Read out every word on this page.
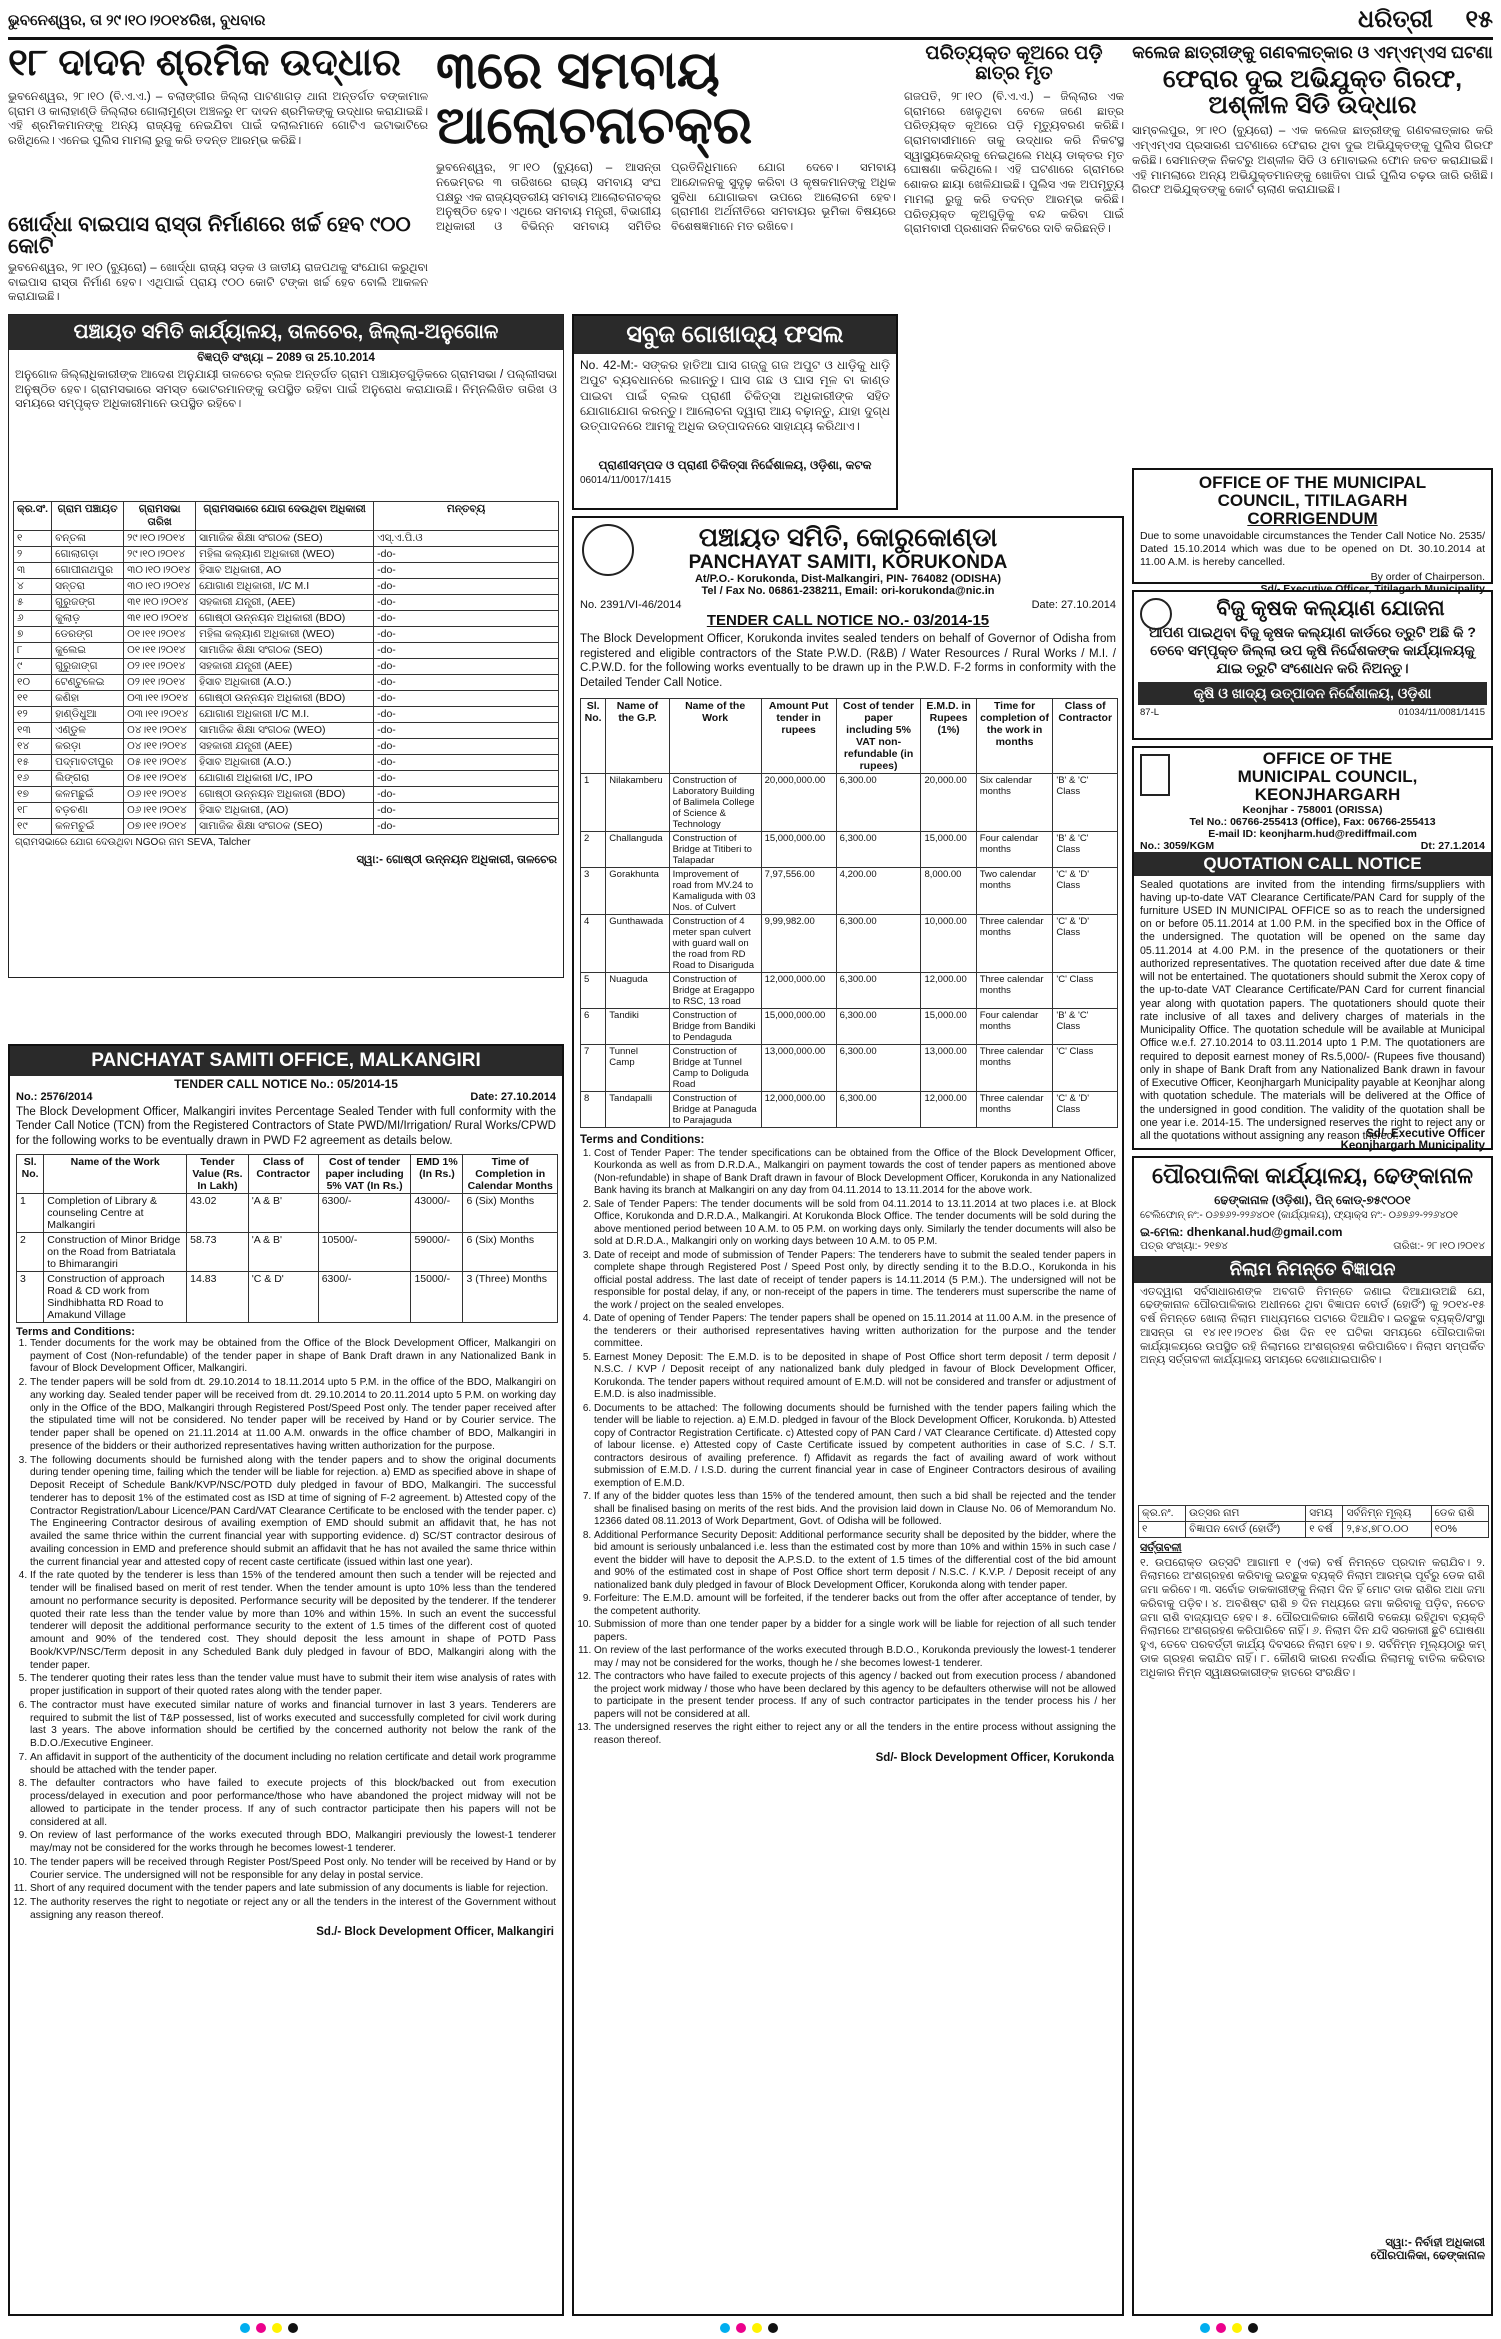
ଭୁବନେଶ୍ୱର, ତା ୨୯।୧୦।୨୦୧୪ରିଖ, ବୁଧବାର	ଧରିତ୍ରୀ ୧୫
୧୮ ଦାଦନ ଶ୍ରମିକ ଉଦ୍ଧାର
ଭୁବନେଶ୍ୱର, ୨୮।୧୦ (ବି.ଏ.ଏ.) – ବଲାଙ୍ଗୀର ଜିଲ୍ଲା ପାଟଣାଗଡ଼ ଥାନା ଅନ୍ତର୍ଗତ ବଙ୍କାମାଳ ଗ୍ରାମ ଓ କାଲାହାଣ୍ଡି ଜିଲ୍ଲାର ଗୋଲାମୁଣ୍ଡା ଅଞ୍ଚଳରୁ ୧୮ ଦାଦନ ଶ୍ରମିକଙ୍କୁ ଉଦ୍ଧାର କରାଯାଇଛି। ଏହି ଶ୍ରମିକମାନଙ୍କୁ ଅନ୍ୟ ରାଜ୍ୟକୁ ନେଇଯିବା ପାଇଁ ଦଲାଲମାନେ ଗୋଟିଏ ଇଟାଭାଟିରେ ରଖିଥିଲେ। ଏନେଇ ପୁଲିସ ମାମଲା ରୁଜୁ କରି ତଦନ୍ତ ଆରମ୍ଭ କରିଛି।
ଖୋର୍ଦ୍ଧା ବାଇପାସ ରାସ୍ତା ନିର୍ମାଣରେ ଖର୍ଚ୍ଚ ହେବ ୯୦୦ କୋଟି
ଭୁବନେଶ୍ୱର, ୨୮।୧୦ (ବ୍ୟୁରୋ) – ଖୋର୍ଦ୍ଧା ରାଜ୍ୟ ସଡ଼କ ଓ ଜାତୀୟ ରାଜପଥକୁ ସଂଯୋଗ କରୁଥିବା ବାଇପାସ ରାସ୍ତା ନିର୍ମାଣ ହେବ। ଏଥିପାଇଁ ପ୍ରାୟ ୯୦୦ କୋଟି ଟଙ୍କା ଖର୍ଚ୍ଚ ହେବ ବୋଲି ଆକଳନ କରାଯାଇଛି।
୩ରେ ସମବାୟ ଆଲୋଚନାଚକ୍ର
ଭୁବନେଶ୍ୱର, ୨୮।୧୦ (ବ୍ୟୁରୋ) – ଆସନ୍ତା ନଭେମ୍ବର ୩ ତାରିଖରେ ରାଜ୍ୟ ସମବାୟ ସଂଘ ପକ୍ଷରୁ ଏକ ରାଜ୍ୟସ୍ତରୀୟ ସମବାୟ ଆଲୋଚନାଚକ୍ର ଅନୁଷ୍ଠିତ ହେବ। ଏଥିରେ ସମବାୟ ମନ୍ତ୍ରୀ, ବିଭାଗୀୟ ଅଧିକାରୀ ଓ ବିଭିନ୍ନ ସମବାୟ ସମିତିର ପ୍ରତିନିଧିମାନେ ଯୋଗ ଦେବେ। ସମବାୟ ଆନ୍ଦୋଳନକୁ ସୁଦୃଢ଼ କରିବା ଓ କୃଷକମାନଙ୍କୁ ଅଧିକ ସୁବିଧା ଯୋଗାଇବା ଉପରେ ଆଲୋଚନା ହେବ। ଗ୍ରାମୀଣ ଅର୍ଥନୀତିରେ ସମବାୟର ଭୂମିକା ବିଷୟରେ ବିଶେଷଜ୍ଞମାନେ ମତ ରଖିବେ।
ପରିତ୍ୟକ୍ତ କୂଅରେ ପଡ଼ି ଛାତ୍ର ମୃତ
ଗଜପତି, ୨୮।୧୦ (ବି.ଏ.ଏ.) – ଜିଲ୍ଲାର ଏକ ଗ୍ରାମରେ ଖେଳୁଥିବା ବେଳେ ଜଣେ ଛାତ୍ର ପରିତ୍ୟକ୍ତ କୂଅରେ ପଡ଼ି ମୃତ୍ୟୁବରଣ କରିଛି। ଗ୍ରାମବାସୀମାନେ ତାକୁ ଉଦ୍ଧାର କରି ନିକଟସ୍ଥ ସ୍ୱାସ୍ଥ୍ୟକେନ୍ଦ୍ରକୁ ନେଇଥିଲେ ମଧ୍ୟ ଡାକ୍ତର ମୃତ ଘୋଷଣା କରିଥିଲେ। ଏହି ଘଟଣାରେ ଗ୍ରାମରେ ଶୋକର ଛାୟା ଖେଳିଯାଇଛି। ପୁଲିସ ଏକ ଅପମୃତ୍ୟୁ ମାମଲା ରୁଜୁ କରି ତଦନ୍ତ ଆରମ୍ଭ କରିଛି। ପରିତ୍ୟକ୍ତ କୂଅଗୁଡ଼ିକୁ ବନ୍ଦ କରିବା ପାଇଁ ଗ୍ରାମବାସୀ ପ୍ରଶାସନ ନିକଟରେ ଦାବି କରିଛନ୍ତି।
କଲେଜ ଛାତ୍ରୀଙ୍କୁ ଗଣବଳାତ୍କାର ଓ ଏମ୍ଏମ୍ଏସ ଘଟଣା
ଫେରାର ଦୁଇ ଅଭିଯୁକ୍ତ ଗିରଫ, ଅଶ୍ଳୀଳ ସିଡି ଉଦ୍ଧାର
ସାମ୍ବଲପୁର, ୨୮।୧୦ (ବ୍ୟୁରୋ) – ଏକ କଲେଜ ଛାତ୍ରୀଙ୍କୁ ଗଣବଳାତ୍କାର କରି ଏମ୍ଏମ୍ଏସ ପ୍ରସାରଣ ଘଟଣାରେ ଫେରାର ଥିବା ଦୁଇ ଅଭିଯୁକ୍ତଙ୍କୁ ପୁଲିସ ଗିରଫ କରିଛି। ସେମାନଙ୍କ ନିକଟରୁ ଅଶ୍ଳୀଳ ସିଡି ଓ ମୋବାଇଲ ଫୋନ ଜବତ କରାଯାଇଛି। ଏହି ମାମଲାରେ ଅନ୍ୟ ଅଭିଯୁକ୍ତମାନଙ୍କୁ ଖୋଜିବା ପାଇଁ ପୁଲିସ ଚଢ଼ଉ ଜାରି ରଖିଛି। ଗିରଫ ଅଭିଯୁକ୍ତଙ୍କୁ କୋର୍ଟ ଚାଲାଣ କରାଯାଇଛି।
ପଞ୍ଚାୟତ ସମିତି କାର୍ଯ୍ୟାଳୟ, ତାଳଚେର, ଜିଲ୍ଲା-ଅନୁଗୋଳ
ବିଜ୍ଞପ୍ତି ସଂଖ୍ୟା – 2089 ତା 25.10.2014
ଅନୁଗୋଳ ଜିଲ୍ଲାଧିକାରୀଙ୍କ ଆଦେଶ ଅନୁଯାୟୀ ତାଳଚେର ବ୍ଲକ ଅନ୍ତର୍ଗତ ଗ୍ରାମ ପଞ୍ଚାୟତଗୁଡ଼ିକରେ ଗ୍ରାମସଭା / ପଲ୍ଲୀସଭା ଅନୁଷ୍ଠିତ ହେବ। ଗ୍ରାମସଭାରେ ସମସ୍ତ ଭୋଟରମାନଙ୍କୁ ଉପସ୍ଥିତ ରହିବା ପାଇଁ ଅନୁରୋଧ କରାଯାଉଛି। ନିମ୍ନଲିଖିତ ତାରିଖ ଓ ସମୟରେ ସମ୍ପୃକ୍ତ ଅଧିକାରୀମାନେ ଉପସ୍ଥିତ ରହିବେ।
କ୍ର.ସଂ.	ଗ୍ରାମ ପଞ୍ଚାୟତ	ଗ୍ରାମସଭା ତାରିଖ	ଗ୍ରାମସଭାରେ ଯୋଗ ଦେଉଥିବା ଅଧିକାରୀ	ମନ୍ତବ୍ୟ
୧	ବନ୍ତଳା	୨୯।୧୦।୨୦୧୪	ସାମାଜିକ ଶିକ୍ଷା ସଂଗଠକ (SEO)	ଏସ୍.ଏ.ପି.ଓ
୨	ଗୋଲାଗଡ଼ା	୨୯।୧୦।୨୦୧୪	ମହିଳା କଲ୍ୟାଣ ଅଧିକାରୀ (WEO)	-do-
୩	ଗୋପୀନାଥପୁର	୩୦।୧୦।୨୦୧୪	ହିସାବ ଅଧିକାରୀ, AO	-do-
୪	ସନ୍ତରା	୩୦।୧୦।୨୦୧୪	ଯୋଗାଣ ଅଧିକାରୀ, I/C M.I	-do-
୫	ଗୁରୁଜଙ୍ଗ	୩୧।୧୦।୨୦୧୪	ସହକାରୀ ଯନ୍ତ୍ରୀ, (AEE)	-do-
୬	କୁଲାଡ଼	୩୧।୧୦।୨୦୧୪	ଗୋଷ୍ଠୀ ଉନ୍ନୟନ ଅଧିକାରୀ (BDO)	-do-
୭	ଡେରଙ୍ଗ	୦୧।୧୧।୨୦୧୪	ମହିଳା କଲ୍ୟାଣ ଅଧିକାରୀ (WEO)	-do-
୮	କୁଲେଇ	୦୧।୧୧।୨୦୧୪	ସାମାଜିକ ଶିକ୍ଷା ସଂଗଠକ (SEO)	-do-
୯	ଗୁରୁଜାଙ୍ଗ	୦୨।୧୧।୨୦୧୪	ସହକାରୀ ଯନ୍ତ୍ରୀ (AEE)	-do-
୧୦	ଟେଣ୍ଟୁଳେଇ	୦୨।୧୧।୨୦୧୪	ହିସାବ ଅଧିକାରୀ (A.O.)	-do-
୧୧	କଣିହା	୦୩।୧୧।୨୦୧୪	ଗୋଷ୍ଠୀ ଉନ୍ନୟନ ଅଧିକାରୀ (BDO)	-do-
୧୨	ହାଣ୍ଡିଧୁଆ	୦୩।୧୧।୨୦୧୪	ଯୋଗାଣ ଅଧିକାରୀ I/C M.I.	-do-
୧୩	ଏଣ୍ଡୁଳ	୦୪।୧୧।୨୦୧୪	ସାମାଜିକ ଶିକ୍ଷା ସଂଗଠକ (WEO)	-do-
୧୪	କରଡ଼ା	୦୪।୧୧।୨୦୧୪	ସହକାରୀ ଯନ୍ତ୍ରୀ (AEE)	-do-
୧୫	ପଦ୍ମାବତୀପୁର	୦୫।୧୧।୨୦୧୪	ହିସାବ ଅଧିକାରୀ (A.O.)	-do-
୧୬	ଲିଙ୍ଗରା	୦୫।୧୧।୨୦୧୪	ଯୋଗାଣ ଅଧିକାରୀ I/C, IPO	-do-
୧୭	କଳମଛୁଇଁ	୦୬।୧୧।୨୦୧୪	ଗୋଷ୍ଠୀ ଉନ୍ନୟନ ଅଧିକାରୀ (BDO)	-do-
୧୮	ବଡ଼ଚଣା	୦୬।୧୧।୨୦୧୪	ହିସାବ ଅଧିକାରୀ, (AO)	-do-
୧୯	କଳମଚୁଇଁ	୦୭।୧୧।୨୦୧୪	ସାମାଜିକ ଶିକ୍ଷା ସଂଗଠକ (SEO)	-do-
ଗ୍ରାମସଭାରେ ଯୋଗ ଦେଉଥିବା NGOର ନାମ SEVA, Talcher
ସ୍ୱା:- ଗୋଷ୍ଠୀ ଉନ୍ନୟନ ଅଧିକାରୀ, ତାଳଚେର
ସବୁଜ ଗୋଖାଦ୍ୟ ଫସଲ
No. 42-M:- ସଙ୍କର ହାତିଆ ଘାସ ଗଜ୍ଜୁ ଗଜ ଅପୁଟ ଓ ଧାଡ଼ିକୁ ଧାଡ଼ି ଅପୁଟ ବ୍ୟବଧାନରେ ଲଗାନ୍ତୁ। ଘାସ ଗଛ ଓ ଘାସ ମୂଳ ବା କାଣ୍ଡ ପାଇବା ପାଇଁ ବ୍ଲକ ପ୍ରାଣୀ ଚିକିତ୍ସା ଅଧିକାରୀଙ୍କ ସହିତ ଯୋଗାଯୋଗ କରନ୍ତୁ। ଆଲୋଚନା ଦ୍ୱାରା ଆୟ ବଢ଼ାନ୍ତୁ, ଯାହା ଦୁଗ୍ଧ ଉତ୍ପାଦନରେ ଆମକୁ ଅଧିକ ଉତ୍ପାଦନରେ ସାହାଯ୍ୟ କରିଥାଏ।
ପ୍ରାଣୀସମ୍ପଦ ଓ ପ୍ରାଣୀ ଚିକିତ୍ସା ନିର୍ଦ୍ଦେଶାଳୟ, ଓଡ଼ିଶା, କଟକ
06014/11/0017/1415
ପଞ୍ଚାୟତ ସମିତି, କୋରୁକୋଣ୍ଡା
PANCHAYAT SAMITI, KORUKONDA
At/P.O.- Korukonda, Dist-Malkangiri, PIN- 764082 (ODISHA)
Tel / Fax No. 06861-238211, Email: ori-korukonda@nic.in
No. 2391/VI-46/2014	Date: 27.10.2014
TENDER CALL NOTICE NO.- 03/2014-15
The Block Development Officer, Korukonda invites sealed tenders on behalf of Governor of Odisha from registered and eligible contractors of the State P.W.D. (R&B) / Water Resources / Rural Works / M.I. / C.P.W.D. for the following works eventually to be drawn up in the P.W.D. F-2 forms in conformity with the Detailed Tender Call Notice.
Sl. No.	Name of the G.P.	Name of the Work	Amount Put tender in rupees	Cost of tender paper including 5% VAT non-refundable (in rupees)	E.M.D. in Rupees (1%)	Time for completion of the work in months	Class of Contractor
1	Nilakamberu	Construction of Laboratory Building of Balimela College of Science & Technology	20,000,000.00	6,300.00	20,000.00	Six calendar months	'B' & 'C' Class
2	Challanguda	Construction of Bridge at Titiberi to Talapadar	15,000,000.00	6,300.00	15,000.00	Four calendar months	'B' & 'C' Class
3	Gorakhunta	Improvement of road from MV.24 to Kamaliguda with 03 Nos. of Culvert	7,97,556.00	4,200.00	8,000.00	Two calendar months	'C' & 'D' Class
4	Gunthawada	Construction of 4 meter span culvert with guard wall on the road from RD Road to Disariguda	9,99,982.00	6,300.00	10,000.00	Three calendar months	'C' & 'D' Class
5	Nuaguda	Construction of Bridge at Eragappo to RSC, 13 road	12,000,000.00	6,300.00	12,000.00	Three calendar months	'C' Class
6	Tandiki	Construction of Bridge from Bandiki to Pendaguda	15,000,000.00	6,300.00	15,000.00	Four calendar months	'B' & 'C' Class
7	Tunnel Camp	Construction of Bridge at Tunnel Camp to Doliguda Road	13,000,000.00	6,300.00	13,000.00	Three calendar months	'C' Class
8	Tandapalli	Construction of Bridge at Panaguda to Parajaguda	12,000,000.00	6,300.00	12,000.00	Three calendar months	'C' & 'D' Class
Terms and Conditions:
1. Cost of Tender Paper: The tender specifications can be obtained from the Office of the Block Development Officer, Kourkonda as well as from D.R.D.A., Malkangiri on payment towards the cost of tender papers as mentioned above (Non-refundable) in shape of Bank Draft drawn in favour of Block Development Officer, Korukonda in any Nationalized Bank having its branch at Malkangiri on any day from 04.11.2014 to 13.11.2014 for the above work.
2. Sale of Tender Papers: The tender documents will be sold from 04.11.2014 to 13.11.2014 at two places i.e. at Block Office, Korukonda and D.R.D.A., Malkangiri. At Korukonda Block Office. The tender documents will be sold during the above mentioned period between 10 A.M. to 05 P.M. on working days only. Similarly the tender documents will also be sold at D.R.D.A., Malkangiri only on working days between 10 A.M. to 05 P.M.
3. Date of receipt and mode of submission of Tender Papers: The tenderers have to submit the sealed tender papers in complete shape through Registered Post / Speed Post only, by directly sending it to the B.D.O., Korukonda in his official postal address. The last date of receipt of tender papers is 14.11.2014 (5 P.M.). The undersigned will not be responsible for postal delay, if any, or non-receipt of the papers in time. The tenderers must superscribe the name of the work / project on the sealed envelopes.
4. Date of opening of Tender Papers: The tender papers shall be opened on 15.11.2014 at 11.00 A.M. in the presence of the tenderers or their authorised representatives having written authorization for the purpose and the tender committee.
5. Earnest Money Deposit: The E.M.D. is to be deposited in shape of Post Office short term deposit / term deposit / N.S.C. / KVP / Deposit receipt of any nationalized bank duly pledged in favour of Block Development Officer, Korukonda. The tender papers without required amount of E.M.D. will not be considered and transfer or adjustment of E.M.D. is also inadmissible.
6. Documents to be attached: The following documents should be furnished with the tender papers failing which the tender will be liable to rejection. a) E.M.D. pledged in favour of the Block Development Officer, Korukonda. b) Attested copy of Contractor Registration Certificate. c) Attested copy of PAN Card / VAT Clearance Certificate. d) Attested copy of labour license. e) Attested copy of Caste Certificate issued by competent authorities in case of S.C. / S.T. contractors desirous of availing preference. f) Affidavit as regards the fact of availing award of work without submission of E.M.D. / I.S.D. during the current financial year in case of Engineer Contractors desirous of availing exemption of E.M.D.
7. If any of the bidder quotes less than 15% of the tendered amount, then such a bid shall be rejected and the tender shall be finalised basing on merits of the rest bids. And the provision laid down in Clause No. 06 of Memorandum No. 12366 dated 08.11.2013 of Work Department, Govt. of Odisha will be followed.
8. Additional Performance Security Deposit: Additional performance security shall be deposited by the bidder, where the bid amount is seriously unbalanced i.e. less than the estimated cost by more than 10% and within 15% in such case / event the bidder will have to deposit the A.P.S.D. to the extent of 1.5 times of the differential cost of the bid amount and 90% of the estimated cost in shape of Post Office short term deposit / N.S.C. / K.V.P. / Deposit receipt of any nationalized bank duly pledged in favour of Block Development Officer, Korukonda along with tender paper.
9. Forfeiture: The E.M.D. amount will be forfeited, if the tenderer backs out from the offer after acceptance of tender, by the competent authority.
10. Submission of more than one tender paper by a bidder for a single work will be liable for rejection of all such tender papers.
11. On review of the last performance of the works executed through B.D.O., Korukonda previously the lowest-1 tenderer may / may not be considered for the works, though he / she becomes lowest-1 tenderer.
12. The contractors who have failed to execute projects of this agency / backed out from execution process / abandoned the project work midway / those who have been declared by this agency to be defaulters otherwise will not be allowed to participate in the present tender process. If any of such contractor participates in the tender process his / her papers will not be considered at all.
13. The undersigned reserves the right either to reject any or all the tenders in the entire process without assigning the reason thereof.
Sd/- Block Development Officer, Korukonda
OFFICE OF THE MUNICIPAL
COUNCIL, TITILAGARH
CORRIGENDUM
Due to some unavoidable circumstances the Tender Call Notice No. 2535/ Dated 15.10.2014 which was due to be opened on Dt. 30.10.2014 at 11.00 A.M. is hereby cancelled.
By order of Chairperson.
Sd/- Executive Officer, Titilagarh Municipality
ବିଜୁ କୃଷକ କଲ୍ୟାଣ ଯୋଜନା
ଆପଣ ପାଇଥିବା ବିଜୁ କୃଷକ କଲ୍ୟାଣ କାର୍ଡରେ ତ୍ରୁଟି ଅଛି କି ? ତେବେ ସମ୍ପୃକ୍ତ ଜିଲ୍ଲା ଉପ କୃଷି ନିର୍ଦ୍ଦେଶକଙ୍କ କାର୍ଯ୍ୟାଳୟକୁ ଯାଇ ତ୍ରୁଟି ସଂଶୋଧନ କରି ନିଅନ୍ତୁ।
କୃଷି ଓ ଖାଦ୍ୟ ଉତ୍ପାଦନ ନିର୍ଦ୍ଦେଶାଳୟ, ଓଡ଼ିଶା
87-L	01034/11/0081/1415
OFFICE OF THE
MUNICIPAL COUNCIL, KEONJHARGARH
Keonjhar - 758001 (ORISSA)
Tel No.: 06766-255413 (Office), Fax: 06766-255413
E-mail ID: keonjharm.hud@rediffmail.com
No.: 3059/KGM	Dt: 27.1.2014
QUOTATION CALL NOTICE
Sealed quotations are invited from the intending firms/suppliers with having up-to-date VAT Clearance Certificate/PAN Card for supply of the furniture USED IN MUNICIPAL OFFICE so as to reach the undersigned on or before 05.11.2014 at 1.00 P.M. in the specified box in the Office of the undersigned. The quotation will be opened on the same day 05.11.2014 at 4.00 P.M. in the presence of the quotationers or their authorized representatives. The quotation received after due date & time will not be entertained. The quotationers should submit the Xerox copy of the up-to-date VAT Clearance Certificate/PAN Card for current financial year along with quotation papers. The quotationers should quote their rate inclusive of all taxes and delivery charges of materials in the Municipality Office. The quotation schedule will be available at Municipal Office w.e.f. 27.10.2014 to 03.11.2014 upto 1 P.M. The quotationers are required to deposit earnest money of Rs.5,000/- (Rupees five thousand) only in shape of Bank Draft from any Nationalized Bank drawn in favour of Executive Officer, Keonjhargarh Municipality payable at Keonjhar along with quotation schedule. The materials will be delivered at the Office of the undersigned in good condition. The validity of the quotation shall be one year i.e. 2014-15. The undersigned reserves the right to reject any or all the quotations without assigning any reason thereof.
Sd/- Executive Officer
Keonjhargarh Municipality
PANCHAYAT SAMITI OFFICE, MALKANGIRI
TENDER CALL NOTICE No.: 05/2014-15
No.: 2576/2014	Date: 27.10.2014
The Block Development Officer, Malkangiri invites Percentage Sealed Tender with full conformity with the Tender Call Notice (TCN) from the Registered Contractors of State PWD/MI/Irrigation/ Rural Works/CPWD for the following works to be eventually drawn in PWD F2 agreement as details below.
Sl. No.	Name of the Work	Tender Value (Rs. In Lakh)	Class of Contractor	Cost of tender paper including 5% VAT (In Rs.)	EMD 1% (In Rs.)	Time of Completion in Calendar Months
1	Completion of Library & counseling Centre at Malkangiri	43.02	'A & B'	6300/-	43000/-	6 (Six) Months
2	Construction of Minor Bridge on the Road from Batriatala to Bhimarangiri	58.73	'A & B'	10500/-	59000/-	6 (Six) Months
3	Construction of approach Road & CD work from Sindhibhatta RD Road to Amakund Village	14.83	'C & D'	6300/-	15000/-	3 (Three) Months
Terms and Conditions:
1. Tender documents for the work may be obtained from the Office of the Block Development Officer, Malkangiri on payment of Cost (Non-refundable) of the tender paper in shape of Bank Draft drawn in any Nationalized Bank in favour of Block Development Officer, Malkangiri.
2. The tender papers will be sold from dt. 29.10.2014 to 18.11.2014 upto 5 P.M. in the office of the BDO, Malkangiri on any working day. Sealed tender paper will be received from dt. 29.10.2014 to 20.11.2014 upto 5 P.M. on working day only in the Office of the BDO, Malkangiri through Registered Post/Speed Post only. The tender paper received after the stipulated time will not be considered. No tender paper will be received by Hand or by Courier service. The tender paper shall be opened on 21.11.2014 at 11.00 A.M. onwards in the office chamber of BDO, Malkangiri in presence of the bidders or their authorized representatives having written authorization for the purpose.
3. The following documents should be furnished along with the tender papers and to show the original documents during tender opening time, failing which the tender will be liable for rejection. a) EMD as specified above in shape of Deposit Receipt of Schedule Bank/KVP/NSC/POTD duly pledged in favour of BDO, Malkangiri. The successful tenderer has to deposit 1% of the estimated cost as ISD at time of signing of F-2 agreement. b) Attested copy of the Contractor Registration/Labour Licence/PAN Card/VAT Clearance Certificate to be enclosed with the tender paper. c) The Engineering Contractor desirous of availing exemption of EMD should submit an affidavit that, he has not availed the same thrice within the current financial year with supporting evidence. d) SC/ST contractor desirous of availing concession in EMD and preference should submit an affidavit that he has not availed the same thrice within the current financial year and attested copy of recent caste certificate (issued within last one year).
4. If the rate quoted by the tenderer is less than 15% of the tendered amount then such a tender will be rejected and tender will be finalised based on merit of rest tender. When the tender amount is upto 10% less than the tendered amount no performance security is deposited. Performance security will be deposited by the tenderer. If the tenderer quoted their rate less than the tender value by more than 10% and within 15%. In such an event the successful tenderer will deposit the additional performance security to the extent of 1.5 times of the different cost of quoted amount and 90% of the tendered cost. They should deposit the less amount in shape of POTD Pass Book/KVP/NSC/Term deposit in any Scheduled Bank duly pledged in favour of BDO, Malkangiri along with the tender paper.
5. The tenderer quoting their rates less than the tender value must have to submit their item wise analysis of rates with proper justification in support of their quoted rates along with the tender paper.
6. The contractor must have executed similar nature of works and financial turnover in last 3 years. Tenderers are required to submit the list of T&P possessed, list of works executed and successfully completed for civil work during last 3 years. The above information should be certified by the concerned authority not below the rank of the B.D.O./Executive Engineer.
7. An affidavit in support of the authenticity of the document including no relation certificate and detail work programme should be attached with the tender paper.
8. The defaulter contractors who have failed to execute projects of this block/backed out from execution process/delayed in execution and poor performance/those who have abandoned the project midway will not be allowed to participate in the tender process. If any of such contractor participate then his papers will not be considered at all.
9. On review of last performance of the works executed through BDO, Malkangiri previously the lowest-1 tenderer may/may not be considered for the works through he becomes lowest-1 tenderer.
10. The tender papers will be received through Register Post/Speed Post only. No tender will be received by Hand or by Courier service. The undersigned will not be responsible for any delay in postal service.
11. Short of any required document with the tender papers and late submission of any documents is liable for rejection.
12. The authority reserves the right to negotiate or reject any or all the tenders in the interest of the Government without assigning any reason thereof.
Sd./- Block Development Officer, Malkangiri
ପୌରପାଳିକା କାର୍ଯ୍ୟାଳୟ, ଢେଙ୍କାନାଳ
ଢେଙ୍କାନାଳ (ଓଡ଼ିଶା), ପିନ୍ କୋଡ୍-୭୫୯୦୦୧
ଟେଲିଫୋନ୍ ନଂ:- ୦୬୭୬୨-୨୨୬୪୦୧ (କାର୍ଯ୍ୟାଳୟ), ଫ୍ୟାକ୍ସ ନଂ:- ୦୬୭୬୨-୨୨୬୪୦୧
ଇ-ମେଲ: dhenkanal.hud@gmail.com
ପତ୍ର ସଂଖ୍ୟା:- ୨୧୭୪	ତାରିଖ:- ୨୮।୧୦।୨୦୧୪
ନିଲାମ ନିମନ୍ତେ ବିଜ୍ଞାପନ
ଏତଦ୍ୱାରା ସର୍ବସାଧାରଣଙ୍କ ଅବଗତି ନିମନ୍ତେ ଜଣାଇ ଦିଆଯାଉଅଛି ଯେ, ଢେଙ୍କାନାଳ ପୌରପାଳିକାର ଅଧୀନରେ ଥିବା ବିଜ୍ଞାପନ ବୋର୍ଡ (ହୋର୍ଡିଂ) କୁ ୨୦୧୪-୧୫ ବର୍ଷ ନିମନ୍ତେ ଖୋଲା ନିଲାମ ମାଧ୍ୟମରେ ପଟାରେ ଦିଆଯିବ। ଇଚ୍ଛୁକ ବ୍ୟକ୍ତି/ସଂସ୍ଥା ଆସନ୍ତା ତା ୧୪।୧୧।୨୦୧୪ ରିଖ ଦିନ ୧୧ ଘଟିକା ସମୟରେ ପୌରପାଳିକା କାର୍ଯ୍ୟାଳୟରେ ଉପସ୍ଥିତ ରହି ନିଲାମରେ ଅଂଶଗ୍ରହଣ କରିପାରିବେ। ନିଲାମ ସମ୍ପର୍କିତ ଅନ୍ୟ ସର୍ତ୍ତାବଳୀ କାର୍ଯ୍ୟାଳୟ ସମୟରେ ଦେଖାଯାଇପାରିବ।
କ୍ର.ନଂ.	ଉତ୍ସର ନାମ	ସମୟ	ସର୍ବନିମ୍ନ ମୂଲ୍ୟ	ଡେକ ରାଶି
୧	ବିଜ୍ଞାପନ ବୋର୍ଡ (ହୋର୍ଡିଂ)	୧ ବର୍ଷ	୨,୫୪,୭୮୦.୦୦	୧୦%
ସର୍ତ୍ତାବଳୀ
୧. ଉପରୋକ୍ତ ଉତ୍ସଟି ଆଗାମୀ ୧ (ଏକ) ବର୍ଷ ନିମନ୍ତେ ପ୍ରଦାନ କରାଯିବ। ୨. ନିଲାମରେ ଅଂଶଗ୍ରହଣ କରିବାକୁ ଇଚ୍ଛୁକ ବ୍ୟକ୍ତି ନିଲାମ ଆରମ୍ଭ ପୂର୍ବରୁ ଡେକ ରାଶି ଜମା କରିବେ। ୩. ସର୍ବୋଚ୍ଚ ଡାକକାରୀଙ୍କୁ ନିଲାମ ଦିନ ହିଁ ମୋଟ ଡାକ ରାଶିର ଅଧା ଜମା କରିବାକୁ ପଡ଼ିବ। ୪. ଅବଶିଷ୍ଟ ରାଶି ୭ ଦିନ ମଧ୍ୟରେ ଜମା କରିବାକୁ ପଡ଼ିବ, ନଚେତ ଜମା ରାଶି ବାଜ୍ୟାପ୍ତ ହେବ। ୫. ପୌରପାଳିକାର କୌଣସି ବକେୟା ରହିଥିବା ବ୍ୟକ୍ତି ନିଲାମରେ ଅଂଶଗ୍ରହଣ କରିପାରିବେ ନାହିଁ। ୬. ନିଲାମ ଦିନ ଯଦି ସରକାରୀ ଛୁଟି ଘୋଷଣା ହୁଏ, ତେବେ ପରବର୍ତ୍ତୀ କାର୍ଯ୍ୟ ଦିବସରେ ନିଲାମ ହେବ। ୭. ସର୍ବନିମ୍ନ ମୂଲ୍ୟଠାରୁ କମ୍ ଡାକ ଗ୍ରହଣ କରାଯିବ ନାହିଁ। ୮. କୌଣସି କାରଣ ନଦର୍ଶାଇ ନିଲାମକୁ ବାତିଲ କରିବାର ଅଧିକାର ନିମ୍ନ ସ୍ୱାକ୍ଷରକାରୀଙ୍କ ହାତରେ ସଂରକ୍ଷିତ।
ସ୍ୱା:- ନିର୍ବାହୀ ଅଧିକାରୀ
ପୌରପାଳିକା, ଢେଙ୍କାନାଳ
